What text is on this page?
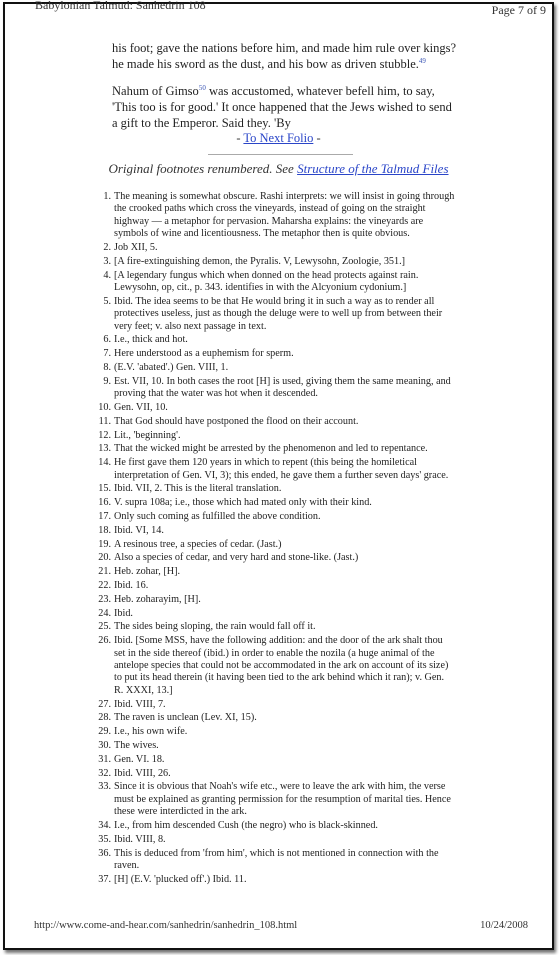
Babylonian Talmud: Sanhedrin 108	Page 7 of 9

his foot; gave the nations before him, and made him rule over kings? he made his sword as the dust, and his bow as driven stubble.$^{49}$

Nahum of Gimso$^{50}$ was accustomed, whatever befell him, to say, 'This too is for good.' It once happened that the Jews wished to send a gift to the Emperor. Said they. 'By

- To Next Folio -
Original footnotes renumbered. See Structure of the Talmud Files
1. The meaning is somewhat obscure. Rashi interprets: we will insist in going through the crooked paths which cross the vineyards, instead of going on the straight highway — a metaphor for pervasion. Maharsha explains: the vineyards are symbols of wine and licentiousness. The metaphor then is quite obvious.
2. Job XII, 5.
3. [A fire-extinguishing demon, the Pyralis. V, Lewysohn, Zoologie, 351.]
4. [A legendary fungus which when donned on the head protects against rain. Lewysohn, op, cit., p. 343. identifies in with the Alcyonium cydonium.]
5. Ibid. The idea seems to be that He would bring it in such a way as to render all protectives useless, just as though the deluge were to well up from between their very feet; v. also next passage in text.
6. I.e., thick and hot.
7. Here understood as a euphemism for sperm.
8. (E.V. 'abated'.) Gen. VIII, 1.
9. Est. VII, 10. In both cases the root [H] is used, giving them the same meaning, and proving that the water was hot when it descended.
10. Gen. VII, 10.
11. That God should have postponed the flood on their account.
12. Lit., 'beginning'.
13. That the wicked might be arrested by the phenomenon and led to repentance.
14. He first gave them 120 years in which to repent (this being the homiletical interpretation of Gen. VI, 3); this ended, he gave them a further seven days' grace.
15. Ibid. VII, 2. This is the literal translation.
16. V. supra 108a; i.e., those which had mated only with their kind.
17. Only such coming as fulfilled the above condition.
18. Ibid. VI, 14.
19. A resinous tree, a species of cedar. (Jast.)
20. Also a species of cedar, and very hard and stone-like. (Jast.)
21. Heb. zohar, [H].
22. Ibid. 16.
23. Heb. zoharayim, [H].
24. Ibid.
25. The sides being sloping, the rain would fall off it.
26. Ibid. [Some MSS, have the following addition: and the door of the ark shalt thou set in the side thereof (ibid.) in order to enable the nozila (a huge animal of the antelope species that could not be accommodated in the ark on account of its size) to put its head therein (it having been tied to the ark behind which it ran); v. Gen. R. XXXI, 13.]
27. Ibid. VIII, 7.
28. The raven is unclean (Lev. XI, 15).
29. I.e., his own wife.
30. The wives.
31. Gen. VI. 18.
32. Ibid. VIII, 26.
33. Since it is obvious that Noah's wife etc., were to leave the ark with him, the verse must be explained as granting permission for the resumption of marital ties. Hence these were interdicted in the ark.
34. I.e., from him descended Cush (the negro) who is black-skinned.
35. Ibid. VIII, 8.
36. This is deduced from 'from him', which is not mentioned in connection with the raven.
37. [H] (E.V. 'plucked off'.) Ibid. 11.
http://www.come-and-hear.com/sanhedrin/sanhedrin_108.html	10/24/2008
